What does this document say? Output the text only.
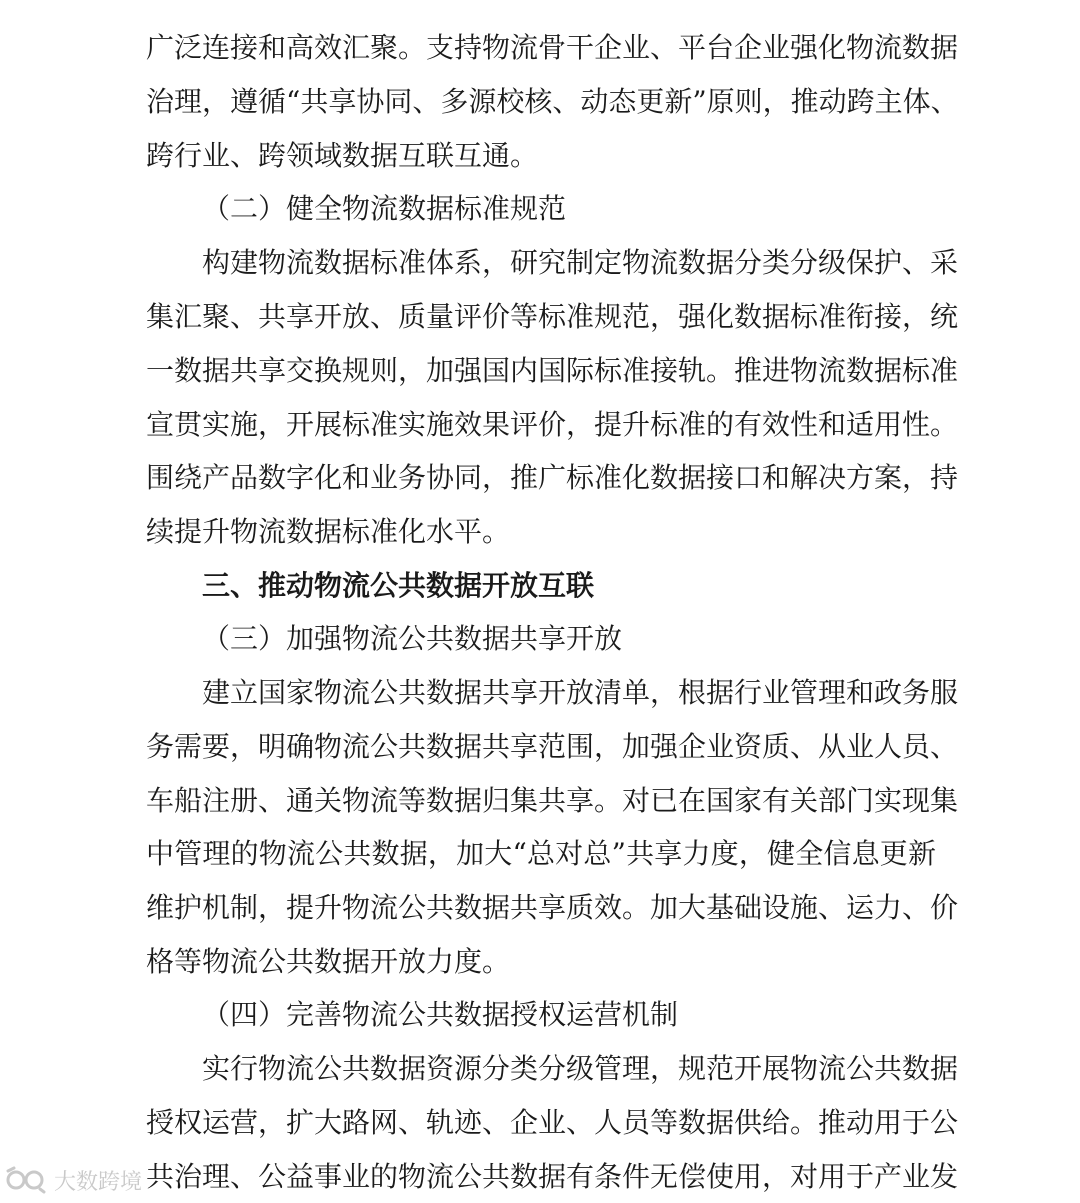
广泛连接和高效汇聚。支持物流骨干企业、平台企业强化物流数据
治理，遵循“共享协同、多源校核、动态更新”原则，推动跨主体、
跨行业、跨领域数据互联互通。
（二）健全物流数据标准规范
构建物流数据标准体系，研究制定物流数据分类分级保护、采
集汇聚、共享开放、质量评价等标准规范，强化数据标准衔接，统
一数据共享交换规则，加强国内国际标准接轨。推进物流数据标准
宣贯实施，开展标准实施效果评价，提升标准的有效性和适用性。
围绕产品数字化和业务协同，推广标准化数据接口和解决方案，持
续提升物流数据标准化水平。
三、推动物流公共数据开放互联
（三）加强物流公共数据共享开放
建立国家物流公共数据共享开放清单，根据行业管理和政务服
务需要，明确物流公共数据共享范围，加强企业资质、从业人员、
车船注册、通关物流等数据归集共享。对已在国家有关部门实现集
中管理的物流公共数据，加大“总对总”共享力度，健全信息更新
维护机制，提升物流公共数据共享质效。加大基础设施、运力、价
格等物流公共数据开放力度。
（四）完善物流公共数据授权运营机制
实行物流公共数据资源分类分级管理，规范开展物流公共数据
授权运营，扩大路网、轨迹、企业、人员等数据供给。推动用于公
共治理、公益事业的物流公共数据有条件无偿使用，对用于产业发
大数跨境
